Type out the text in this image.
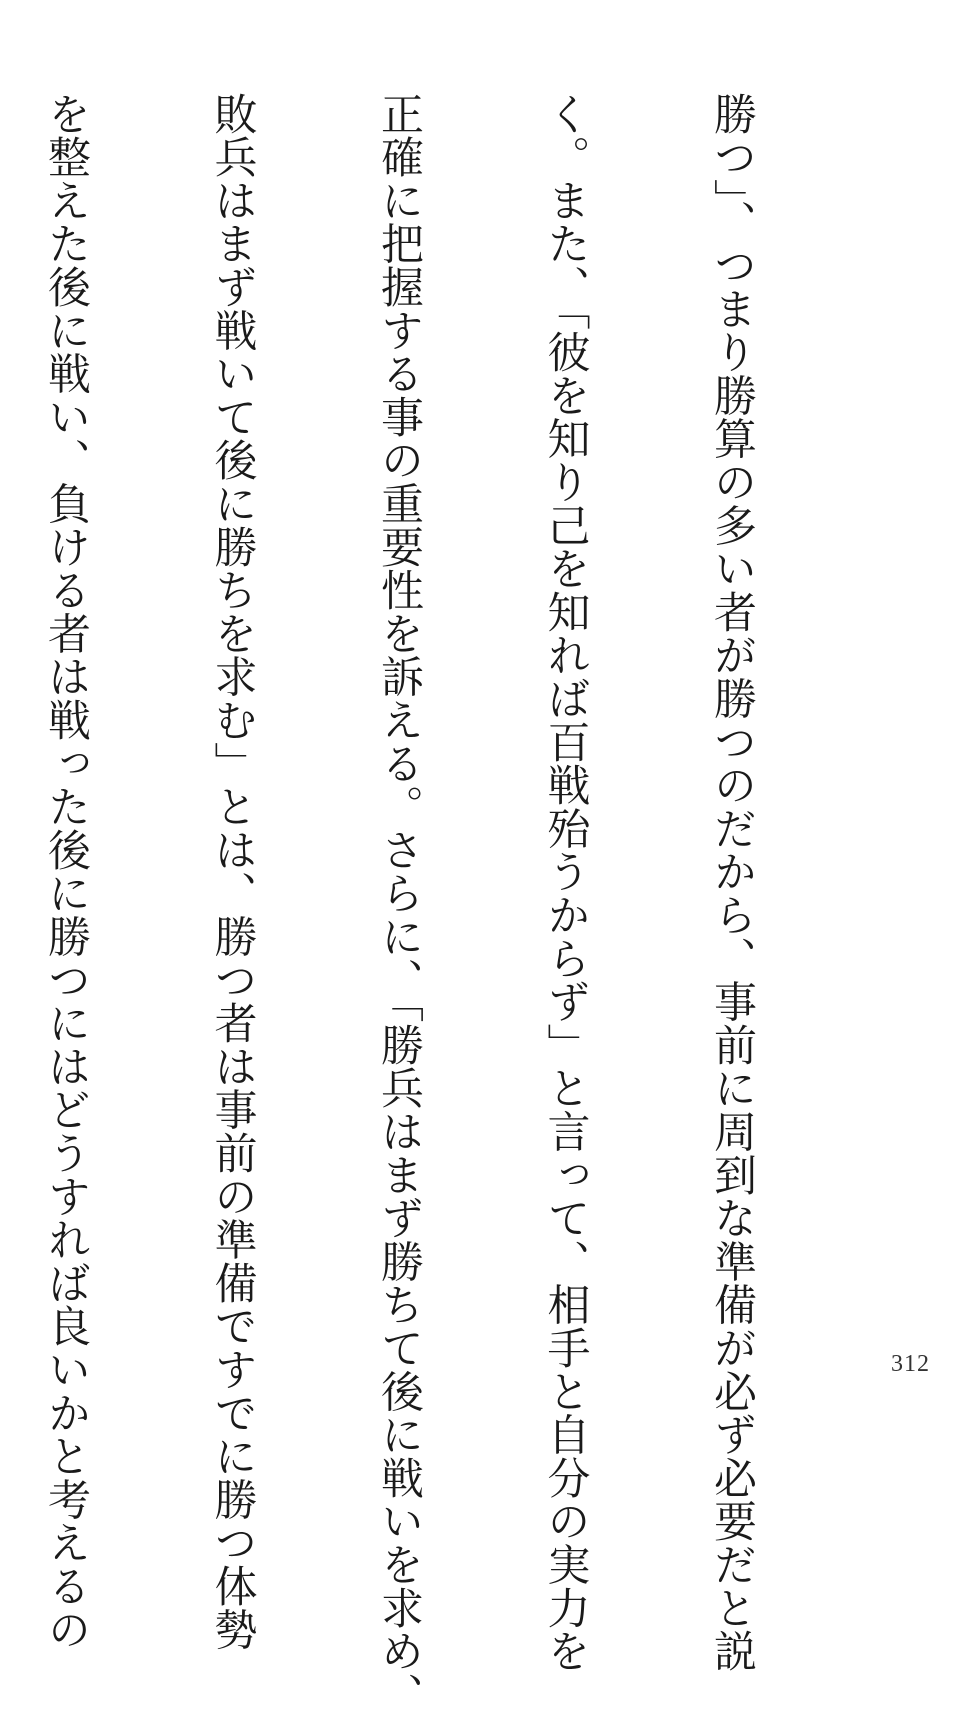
勝つ」、つまり勝算の多い者が勝つのだから、事前に周到な準備が必ず必要だと説

く。また、「彼を知り己を知れば百戦殆うからず」と言って、相手と自分の実力を

正確に把握する事の重要性を訴える。さらに、「勝兵はまず勝ちて後に戦いを求め、

敗兵はまず戦いて後に勝ちを求む」とは、勝つ者は事前の準備ですでに勝つ体勢

を整えた後に戦い、負ける者は戦った後に勝つにはどうすれば良いかと考えるの

	312
